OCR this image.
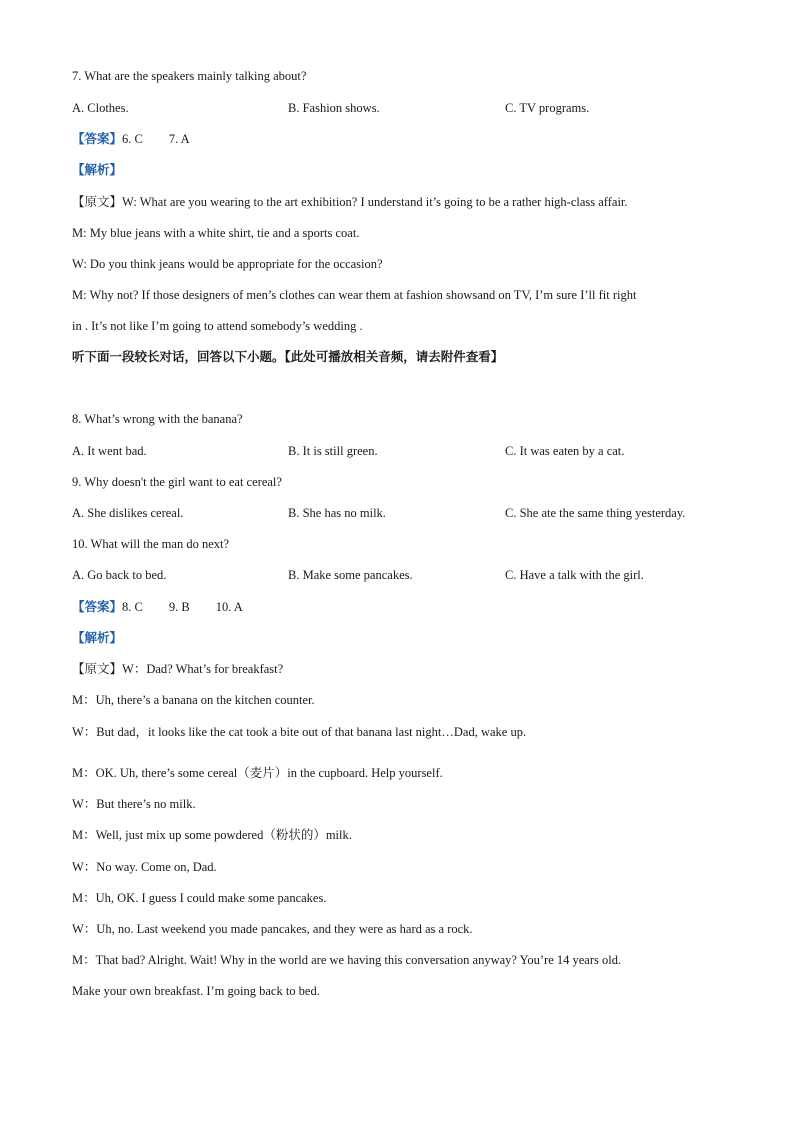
7. What are the speakers mainly talking about?
A. Clothes.	B. Fashion shows.	C. TV programs.
【答案】6. C 7. A
【解析】
【原文】W: What are you wearing to the art exhibition? I understand it’s going to be a rather high-class affair.
M: My blue jeans with a white shirt, tie and a sports coat.
W: Do you think jeans would be appropriate for the occasion?
M: Why not? If those designers of men’s clothes can wear them at fashion showsand on TV, I’m sure I’ll fit right
in . It’s not like I’m going to attend somebody’s wedding .
听下面一段较长对话，回答以下小题。【此处可播放相关音频，请去附件查看】
8. What’s wrong with the banana?
A. It went bad.	B. It is still green.	C. It was eaten by a cat.
9. Why doesn't the girl want to eat cereal?
A. She dislikes cereal.	B. She has no milk.	C. She ate the same thing yesterday.
10. What will the man do next?
A. Go back to bed.	B. Make some pancakes.	C. Have a talk with the girl.
【答案】8. C 9. B 10. A
【解析】
【原文】W：Dad? What’s for breakfast?
M：Uh, there’s a banana on the kitchen counter.
W：But dad，it looks like the cat took a bite out of that banana last night…Dad, wake up.
M：OK. Uh, there’s some cereal（麦片）in the cupboard. Help yourself.
W：But there’s no milk.
M：Well, just mix up some powdered（粉状的）milk.
W：No way. Come on, Dad.
M：Uh, OK. I guess I could make some pancakes.
W：Uh, no. Last weekend you made pancakes, and they were as hard as a rock.
M：That bad? Alright. Wait! Why in the world are we having this conversation anyway? You’re 14 years old.
Make your own breakfast. I’m going back to bed.
